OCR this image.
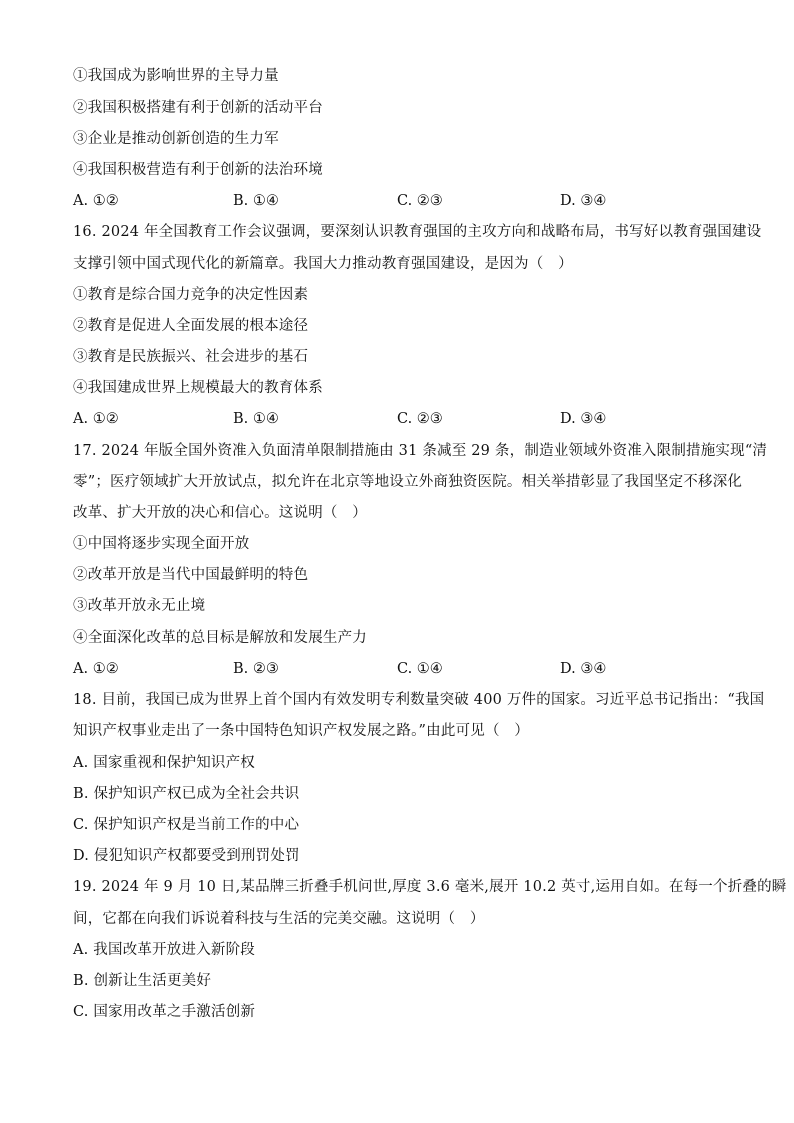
①我国成为影响世界的主导力量
②我国积极搭建有利于创新的活动平台
③企业是推动创新创造的生力军
④我国积极营造有利于创新的法治环境
A. ①②	B. ①④	C. ②③	D. ③④
16. 2024 年全国教育工作会议强调，要深刻认识教育强国的主攻方向和战略布局，书写好以教育强国建设
支撑引领中国式现代化的新篇章。我国大力推动教育强国建设，是因为（　）
①教育是综合国力竞争的决定性因素
②教育是促进人全面发展的根本途径
③教育是民族振兴、社会进步的基石
④我国建成世界上规模最大的教育体系
A. ①②	B. ①④	C. ②③	D. ③④
17. 2024 年版全国外资准入负面清单限制措施由 31 条减至 29 条，制造业领域外资准入限制措施实现“清
零”；医疗领域扩大开放试点，拟允许在北京等地设立外商独资医院。相关举措彰显了我国坚定不移深化
改革、扩大开放的决心和信心。这说明（　）
①中国将逐步实现全面开放
②改革开放是当代中国最鲜明的特色
③改革开放永无止境
④全面深化改革的总目标是解放和发展生产力
A. ①②	B. ②③	C. ①④	D. ③④
18. 目前，我国已成为世界上首个国内有效发明专利数量突破 400 万件的国家。习近平总书记指出：“我国
知识产权事业走出了一条中国特色知识产权发展之路。”由此可见（　）
A. 国家重视和保护知识产权
B. 保护知识产权已成为全社会共识
C. 保护知识产权是当前工作的中心
D. 侵犯知识产权都要受到刑罚处罚
19. 2024 年 9 月 10 日,某品牌三折叠手机问世,厚度 3.6 毫米,展开 10.2 英寸,运用自如。在每一个折叠的瞬
间，它都在向我们诉说着科技与生活的完美交融。这说明（　）
A. 我国改革开放进入新阶段
B. 创新让生活更美好
C. 国家用改革之手激活创新
